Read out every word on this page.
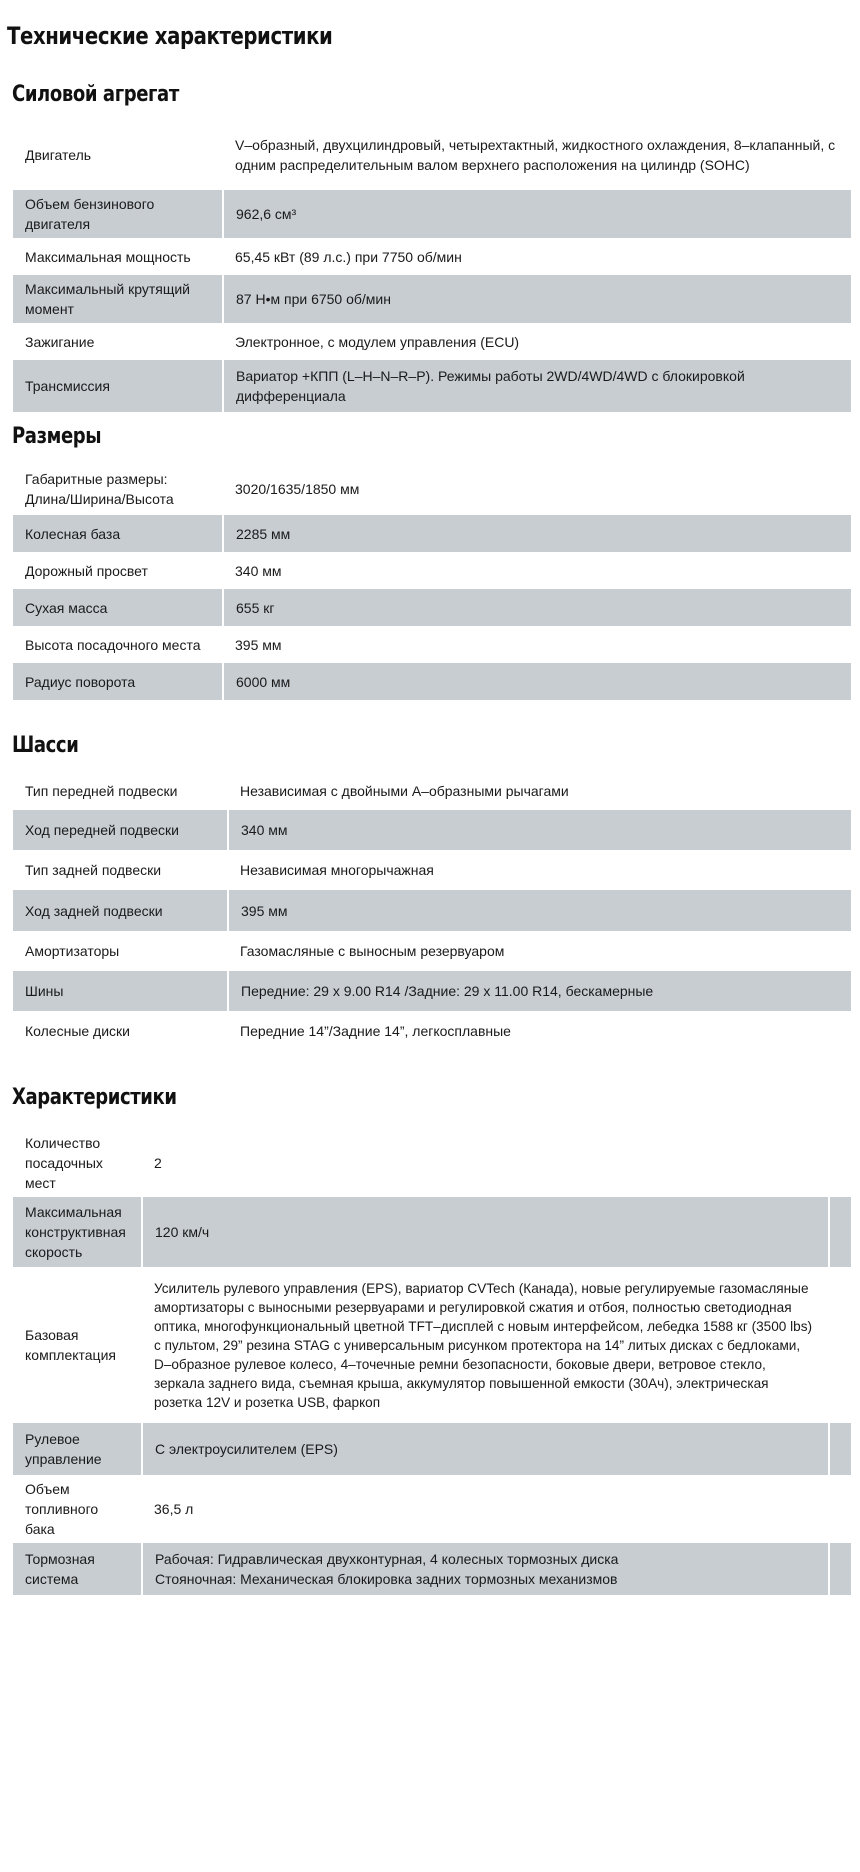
Технические характеристики
Силовой агрегат
Двигатель	V–образный, двухцилиндровый, четырехтактный, жидкостного охлаждения, 8–клапанный, с одним распределительным валом верхнего расположения на цилиндр (SOHC)
Объем бензинового двигателя	962,6 см³
Максимальная мощность	65,45 кВт (89 л.с.) при 7750 об/мин
Максимальный крутящий момент	87 Н•м при 6750 об/мин
Зажигание	Электронное, с модулем управления (ECU)
Трансмиссия	Вариатор +КПП (L–H–N–R–P). Режимы работы 2WD/4WD/4WD с блокировкой дифференциала
Размеры
Габаритные размеры: Длина/Ширина/Высота	3020/1635/1850 мм
Колесная база	2285 мм
Дорожный просвет	340 мм
Сухая масса	655 кг
Высота посадочного места	395 мм
Радиус поворота	6000 мм
Шасси
Тип передней подвески	Независимая с двойными А–образными рычагами
Ход передней подвески	340 мм
Тип задней подвески	Независимая многорычажная
Ход задней подвески	395 мм
Амортизаторы	Газомасляные с выносным резервуаром
Шины	Передние: 29 x 9.00 R14 /Задние: 29 x 11.00 R14, бескамерные
Колесные диски	Передние 14”/Задние 14”, легкосплавные
Характеристики
Количество посадочных мест	2	
Максимальная конструктивная скорость	120 км/ч	
Базовая комплектация	Усилитель рулевого управления (EPS), вариатор CVTech (Канада), новые регулируемые газомасляные амортизаторы с выносными резервуарами и регулировкой сжатия и отбоя, полностью светодиодная оптика, многофункциональный цветной TFT–дисплей с новым интерфейсом, лебедка 1588 кг (3500 lbs) с пультом, 29” резина STAG с универсальным рисунком протектора на 14” литых дисках с бедлоками, D–образное рулевое колесо, 4–точечные ремни безопасности, боковые двери, ветровое стекло, зеркала заднего вида, съемная крыша, аккумулятор повышенной емкости (30Ач), электрическая розетка 12V и розетка USB, фаркоп	
Рулевое управление	С электроусилителем (EPS)	
Объем топливного бака	36,5 л	
Тормозная система	Рабочая: Гидравлическая двухконтурная, 4 колесных тормозных диска
Стояночная: Механическая блокировка задних тормозных механизмов	
